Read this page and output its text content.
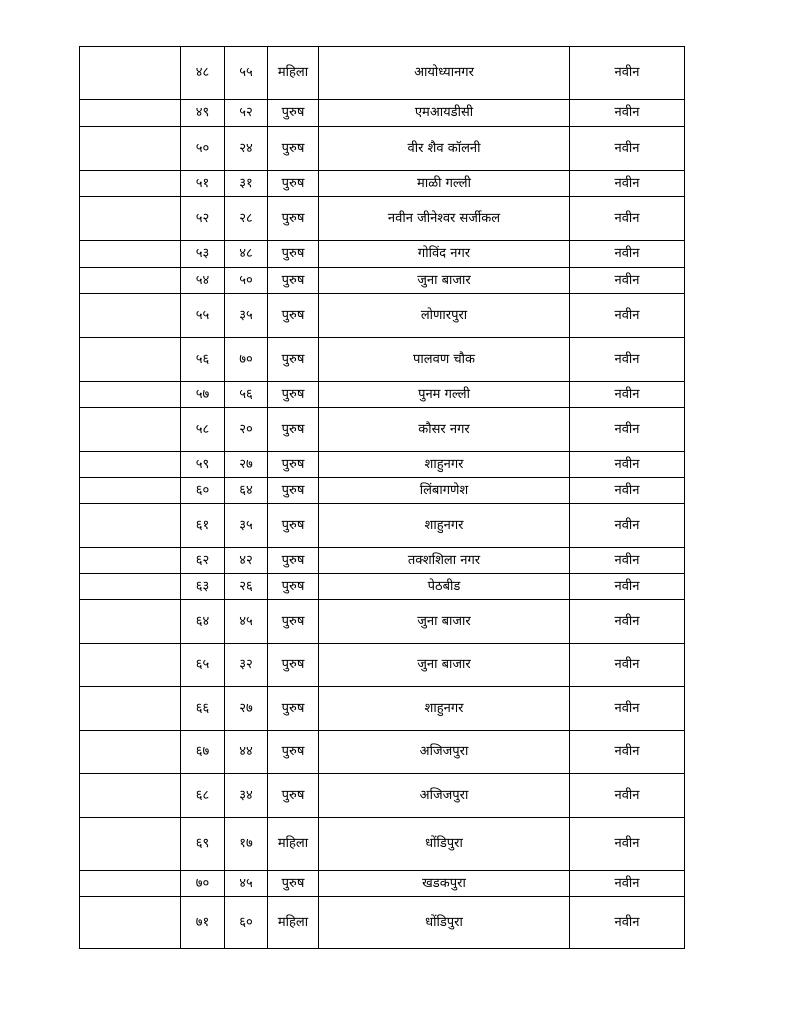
	४८	५५	महिला	आयोध्यानगर	नवीन
	४९	५२	पुरुष	एमआयडीसी	नवीन
	५०	२४	पुरुष	वीर शैव कॉलनी	नवीन
	५१	३१	पुरुष	माळी गल्ली	नवीन
	५२	२८	पुरुष	नवीन जीनेश्वर सर्जीकल	नवीन
	५३	४८	पुरुष	गोविंद नगर	नवीन
	५४	५०	पुरुष	जुना बाजार	नवीन
	५५	३५	पुरुष	लोणारपुरा	नवीन
	५६	७०	पुरुष	पालवण चौक	नवीन
	५७	५६	पुरुष	पुनम गल्ली	नवीन
	५८	२०	पुरुष	कौसर नगर	नवीन
	५९	२७	पुरुष	शाहुनगर	नवीन
	६०	६४	पुरुष	लिंबागणेश	नवीन
	६१	३५	पुरुष	शाहुनगर	नवीन
	६२	४२	पुरुष	तक्शशिला नगर	नवीन
	६३	२६	पुरुष	पेठबीड	नवीन
	६४	४५	पुरुष	जुना बाजार	नवीन
	६५	३२	पुरुष	जुना बाजार	नवीन
	६६	२७	पुरुष	शाहुनगर	नवीन
	६७	४४	पुरुष	अजिजपुरा	नवीन
	६८	३४	पुरुष	अजिजपुरा	नवीन
	६९	१७	महिला	धोंडिपुरा	नवीन
	७०	४५	पुरुष	खडकपुरा	नवीन
	७१	६०	महिला	धोंडिपुरा	नवीन
